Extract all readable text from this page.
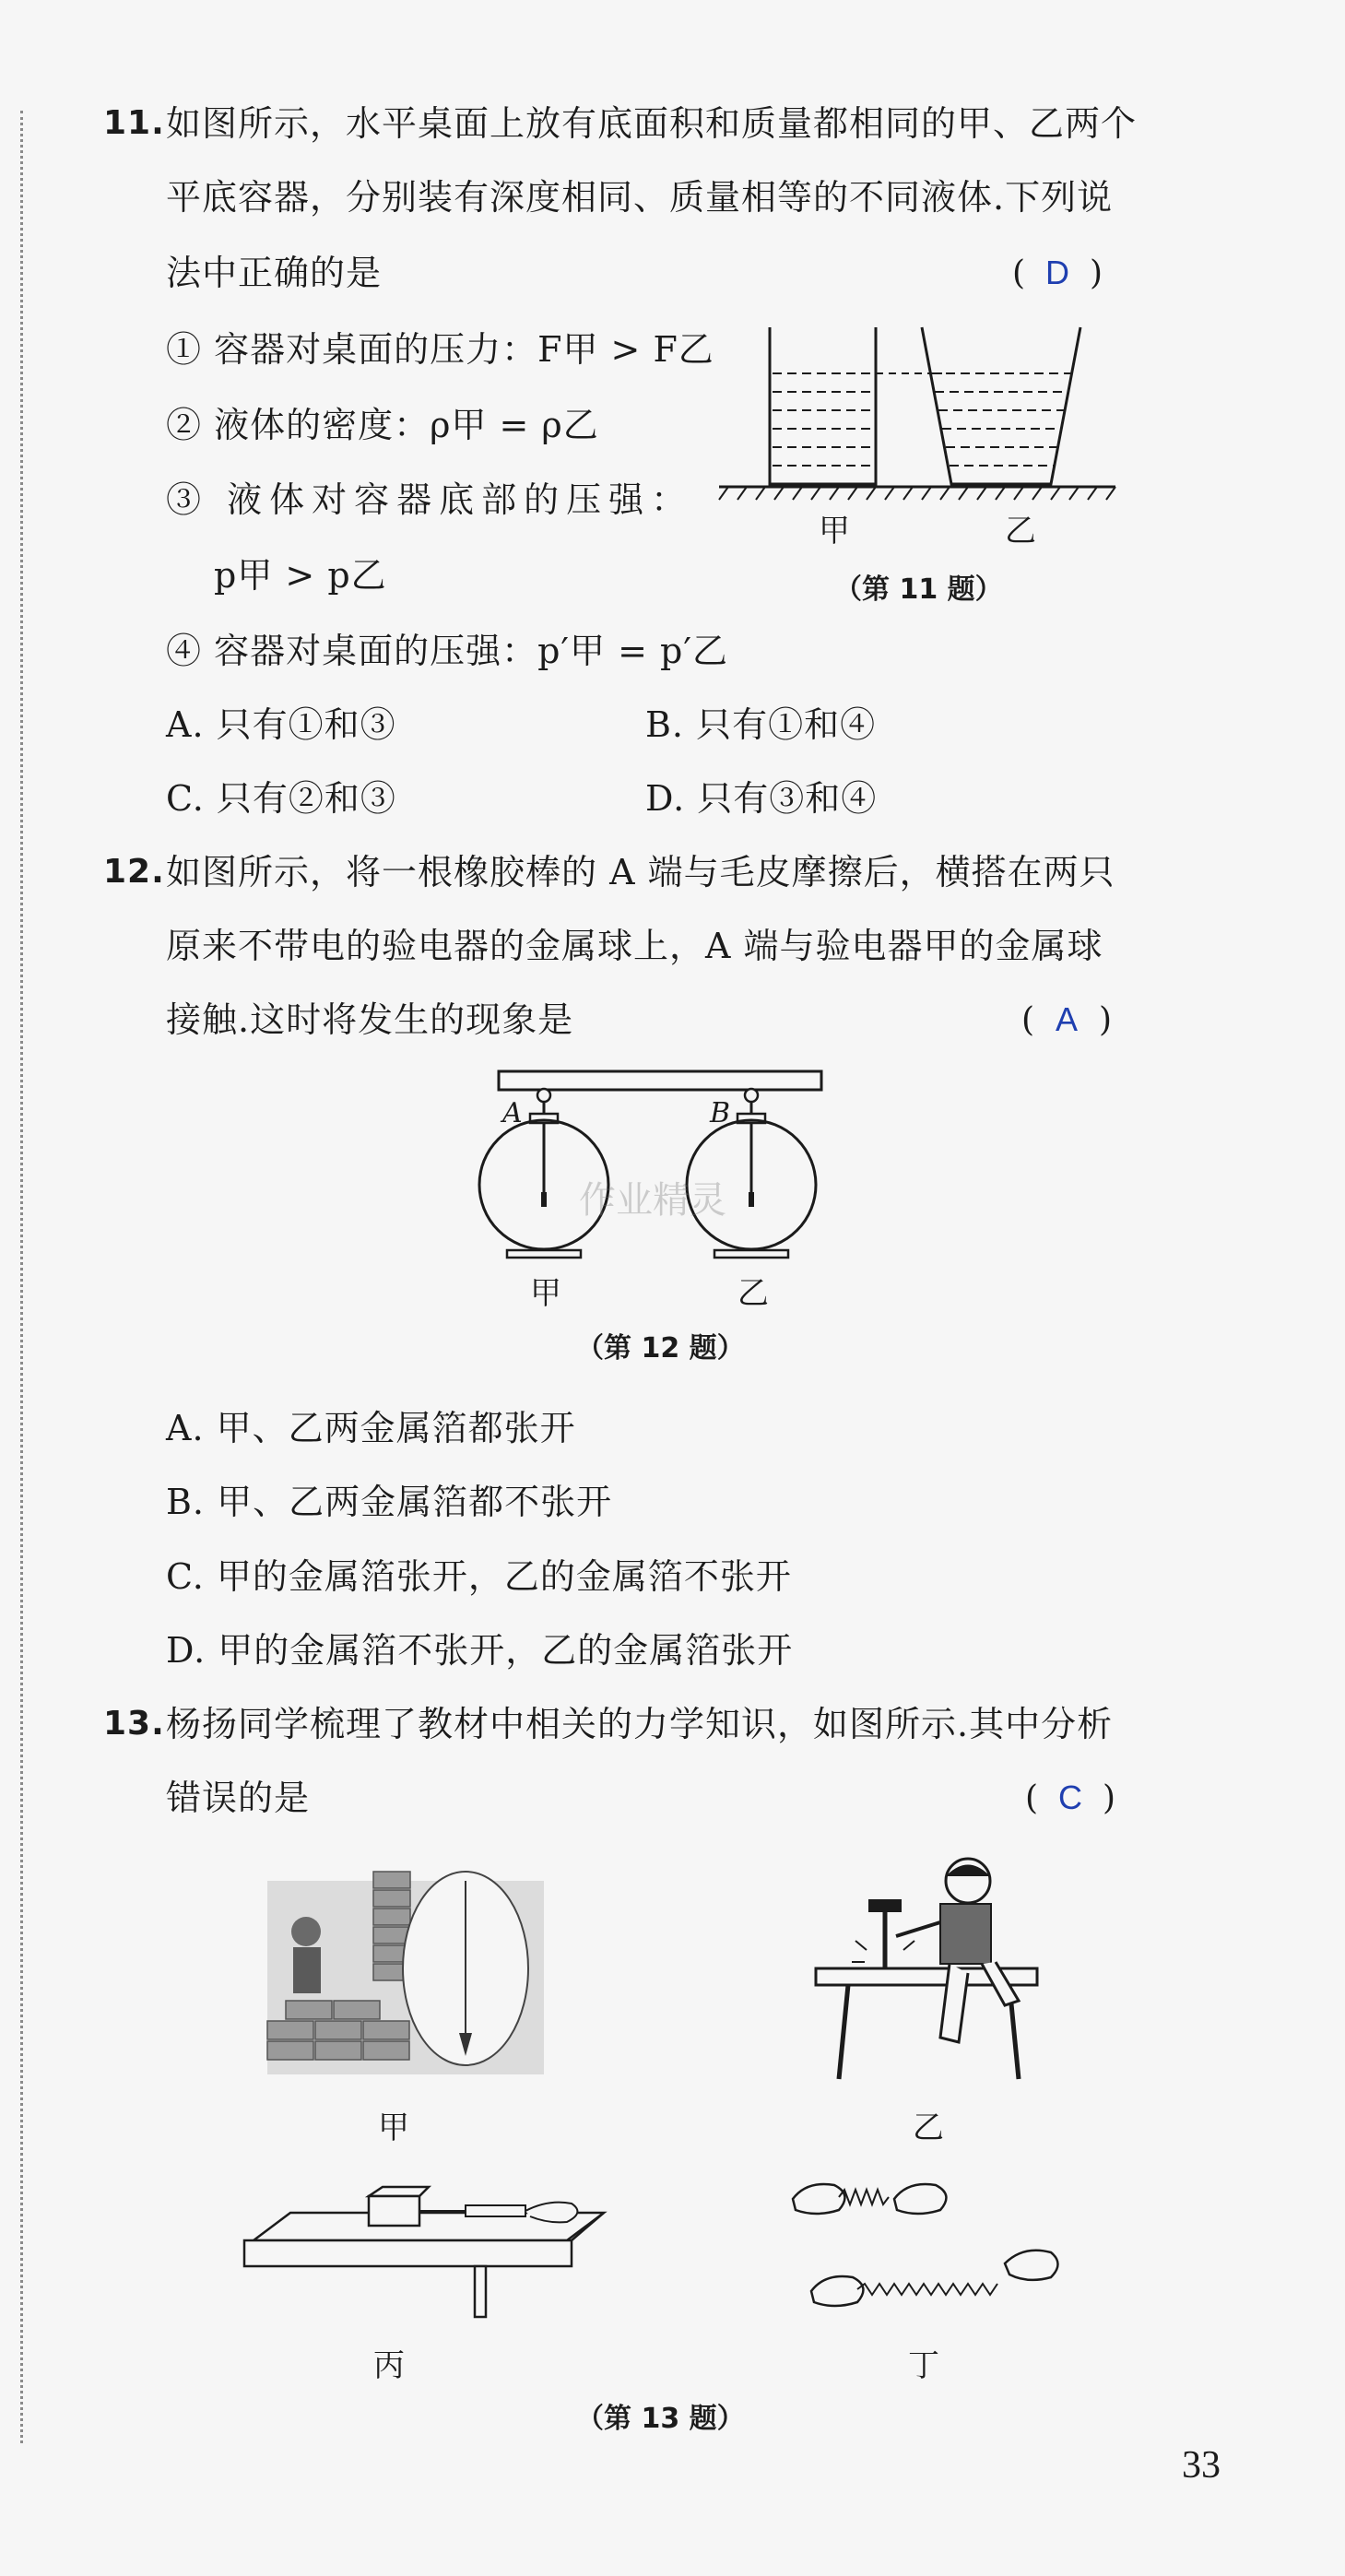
11. 如图所示，水平桌面上放有底面积和质量都相同的甲、乙两个
平底容器，分别装有深度相同、质量相等的不同液体.下列说
法中正确的是	( D )
① 容器对桌面的压力：F甲 > F乙
② 液体的密度：ρ甲 = ρ乙
③ 液体对容器底部的压强：
p甲 > p乙
④ 容器对桌面的压强：p′甲 = p′乙
甲	乙
（第 11 题）
A. 只有①和③	B. 只有①和④
C. 只有②和③	D. 只有③和④
12. 如图所示，将一根橡胶棒的 A 端与毛皮摩擦后，横搭在两只
原来不带电的验电器的金属球上，A 端与验电器甲的金属球
接触.这时将发生的现象是	( A )
A	B
作业精灵
甲	乙
（第 12 题）
A. 甲、乙两金属箔都张开
B. 甲、乙两金属箔都不张开
C. 甲的金属箔张开，乙的金属箔不张开
D. 甲的金属箔不张开，乙的金属箔张开
13. 杨扬同学梳理了教材中相关的力学知识，如图所示.其中分析
错误的是	( C )
甲	乙
丙	丁
（第 13 题）
33
